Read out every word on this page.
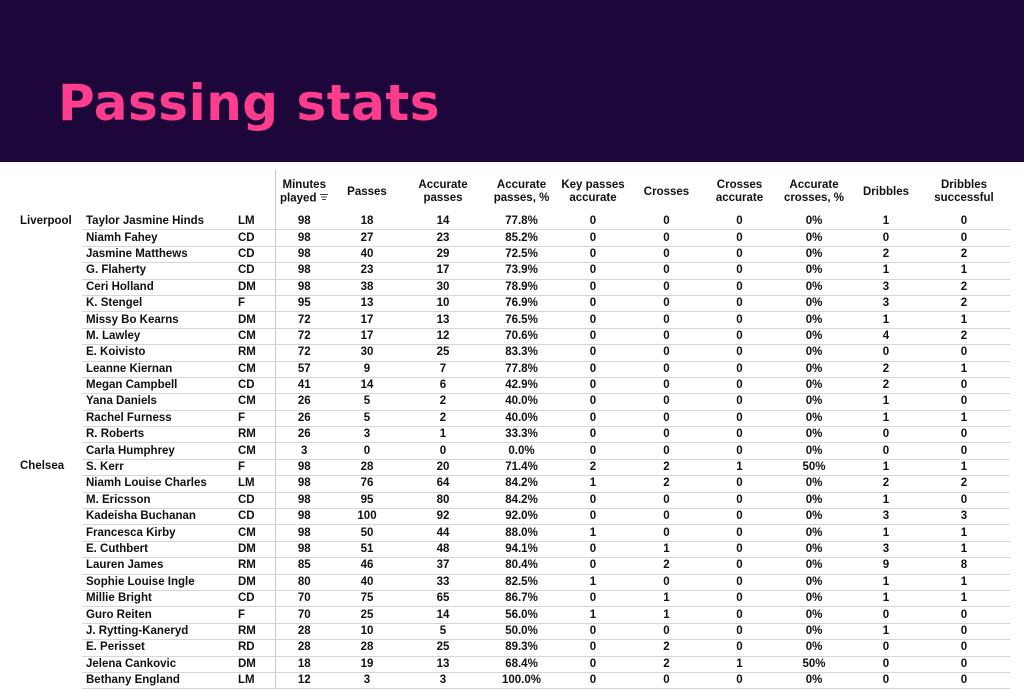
Passing stats
			Minutes played	Passes	Accurate passes	Accurate passes, %	Key passes accurate	Crosses	Crosses accurate	Accurate crosses, %	Dribbles	Dribbles successful
Liverpool	Taylor Jasmine Hinds	LM	98	18	14	77.8%	0	0	0	0%	1	0
	Niamh Fahey	CD	98	27	23	85.2%	0	0	0	0%	0	0
	Jasmine Matthews	CD	98	40	29	72.5%	0	0	0	0%	2	2
	G. Flaherty	CD	98	23	17	73.9%	0	0	0	0%	1	1
	Ceri Holland	DM	98	38	30	78.9%	0	0	0	0%	3	2
	K. Stengel	F	95	13	10	76.9%	0	0	0	0%	3	2
	Missy Bo Kearns	DM	72	17	13	76.5%	0	0	0	0%	1	1
	M. Lawley	CM	72	17	12	70.6%	0	0	0	0%	4	2
	E. Koivisto	RM	72	30	25	83.3%	0	0	0	0%	0	0
	Leanne Kiernan	CM	57	9	7	77.8%	0	0	0	0%	2	1
	Megan Campbell	CD	41	14	6	42.9%	0	0	0	0%	2	0
	Yana Daniels	CM	26	5	2	40.0%	0	0	0	0%	1	0
	Rachel Furness	F	26	5	2	40.0%	0	0	0	0%	1	1
	R. Roberts	RM	26	3	1	33.3%	0	0	0	0%	0	0
	Carla Humphrey	CM	3	0	0	0.0%	0	0	0	0%	0	0
Chelsea	S. Kerr	F	98	28	20	71.4%	2	2	1	50%	1	1
	Niamh Louise Charles	LM	98	76	64	84.2%	1	2	0	0%	2	2
	M. Ericsson	CD	98	95	80	84.2%	0	0	0	0%	1	0
	Kadeisha Buchanan	CD	98	100	92	92.0%	0	0	0	0%	3	3
	Francesca Kirby	CM	98	50	44	88.0%	1	0	0	0%	1	1
	E. Cuthbert	DM	98	51	48	94.1%	0	1	0	0%	3	1
	Lauren James	RM	85	46	37	80.4%	0	2	0	0%	9	8
	Sophie Louise Ingle	DM	80	40	33	82.5%	1	0	0	0%	1	1
	Millie Bright	CD	70	75	65	86.7%	0	1	0	0%	1	1
	Guro Reiten	F	70	25	14	56.0%	1	1	0	0%	0	0
	J. Rytting-Kaneryd	RM	28	10	5	50.0%	0	0	0	0%	1	0
	E. Perisset	RD	28	28	25	89.3%	0	2	0	0%	0	0
	Jelena Cankovic	DM	18	19	13	68.4%	0	2	1	50%	0	0
	Bethany England	LM	12	3	3	100.0%	0	0	0	0%	0	0
